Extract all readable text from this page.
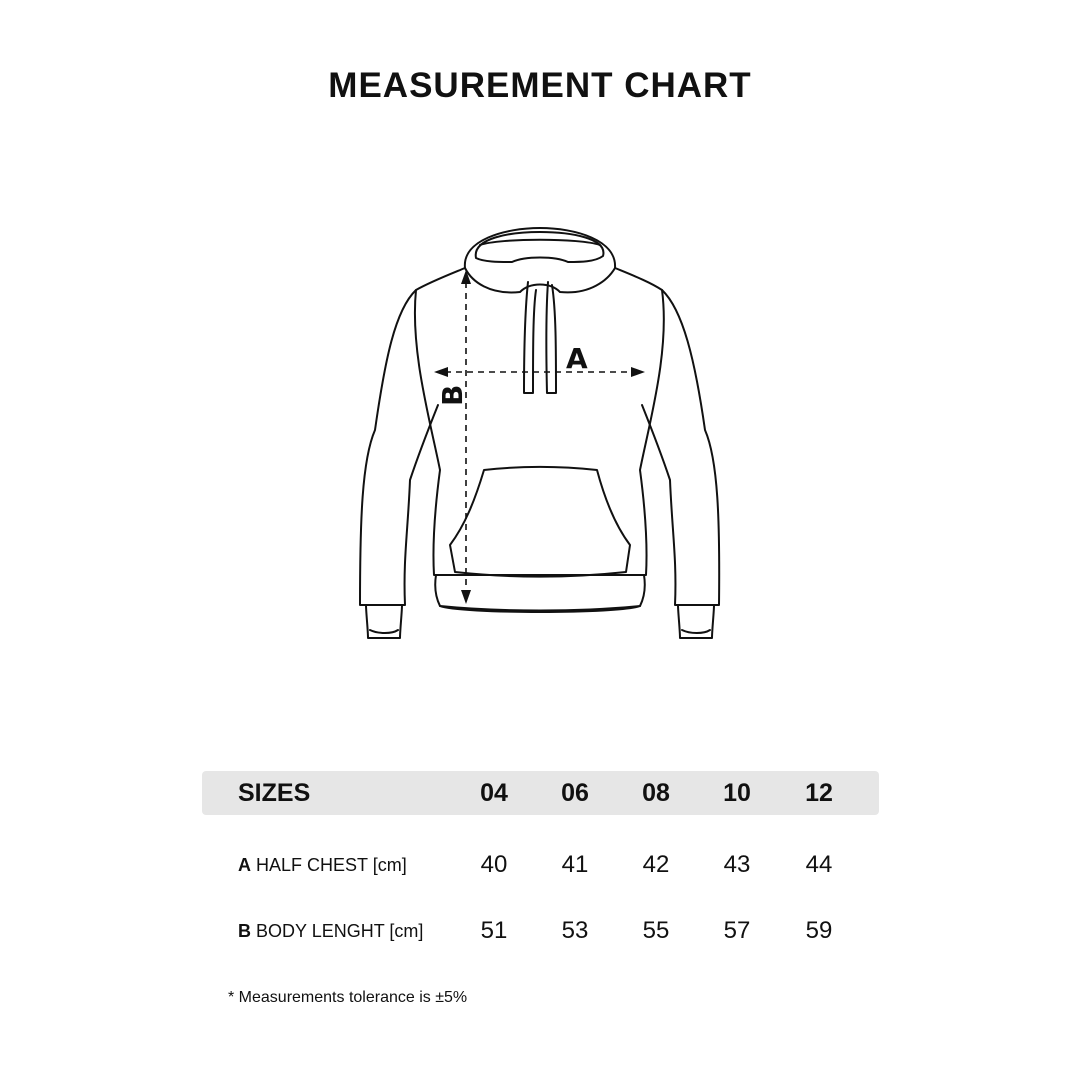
MEASUREMENT CHART
A
B
SIZES	04 06 08 10 12
A HALF CHEST [cm]	40 41 42 43 44
B BODY LENGHT [cm] 51 53 55 57 59
* Measurements tolerance is ±5%
